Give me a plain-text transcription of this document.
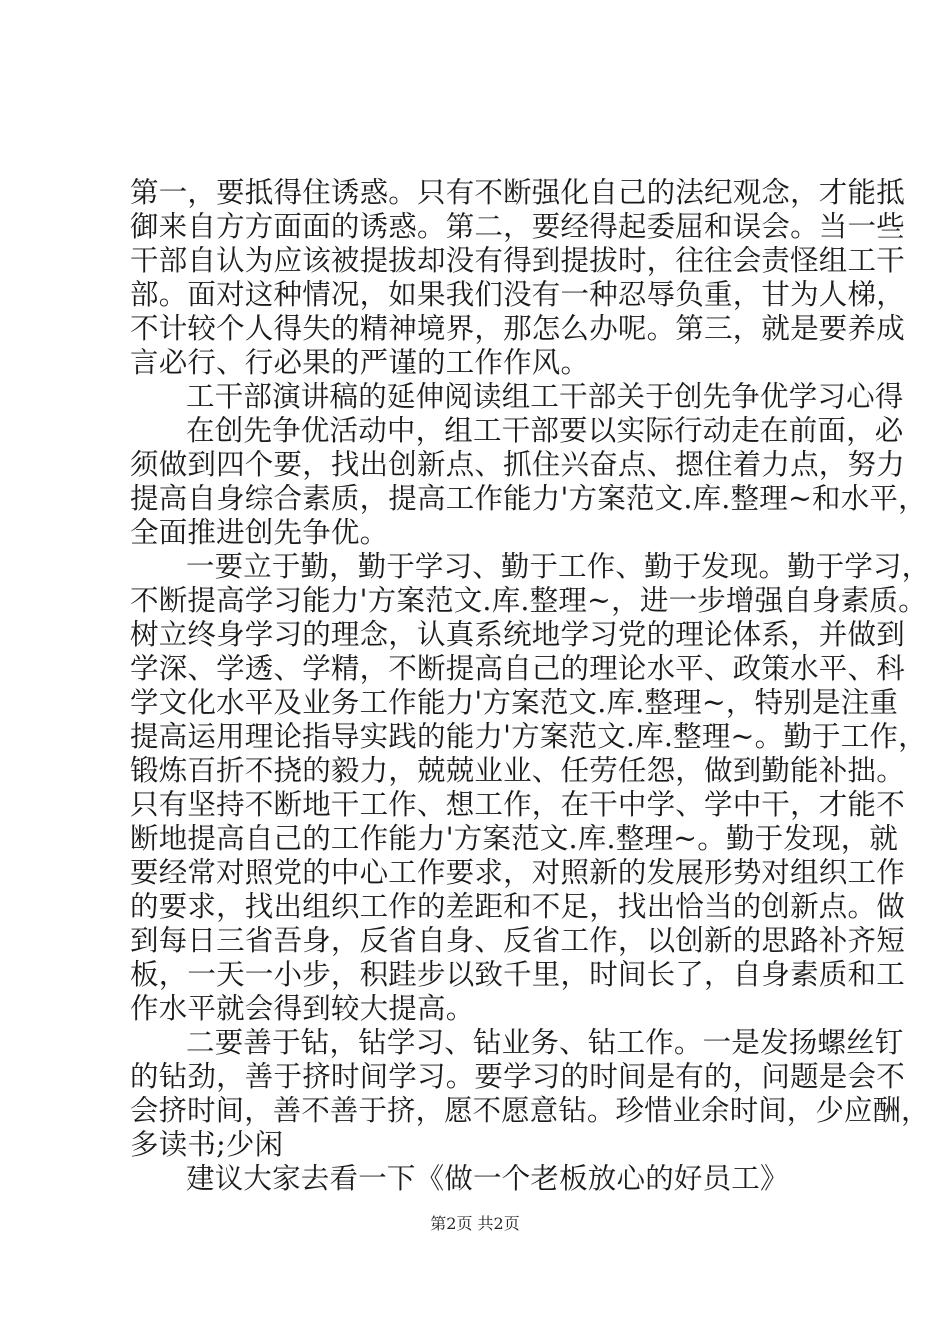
第一，要抵得住诱惑。只有不断强化自己的法纪观念，才能抵
御来自方方面面的诱惑。第二，要经得起委屈和误会。当一些
干部自认为应该被提拔却没有得到提拔时，往往会责怪组工干
部。面对这种情况，如果我们没有一种忍辱负重，甘为人梯，
不计较个人得失的精神境界，那怎么办呢。第三，就是要养成
言必行、行必果的严谨的工作作风。
工干部演讲稿的延伸阅读组工干部关于创先争优学习心得
在创先争优活动中，组工干部要以实际行动走在前面，必
须做到四个要，找出创新点、抓住兴奋点、摁住着力点，努力
提高自身综合素质，提高工作能力'方案范文.库.整理~和水平，
全面推进创先争优。
一要立于勤，勤于学习、勤于工作、勤于发现。勤于学习，
不断提高学习能力'方案范文.库.整理~，进一步增强自身素质。
树立终身学习的理念，认真系统地学习党的理论体系，并做到
学深、学透、学精，不断提高自己的理论水平、政策水平、科
学文化水平及业务工作能力'方案范文.库.整理~，特别是注重
提高运用理论指导实践的能力'方案范文.库.整理~。勤于工作，
锻炼百折不挠的毅力，兢兢业业、任劳任怨，做到勤能补拙。
只有坚持不断地干工作、想工作，在干中学、学中干，才能不
断地提高自己的工作能力'方案范文.库.整理~。勤于发现，就
要经常对照党的中心工作要求，对照新的发展形势对组织工作
的要求，找出组织工作的差距和不足，找出恰当的创新点。做
到每日三省吾身，反省自身、反省工作，以创新的思路补齐短
板，一天一小步，积跬步以致千里，时间长了，自身素质和工
作水平就会得到较大提高。
二要善于钻，钻学习、钻业务、钻工作。一是发扬螺丝钉
的钻劲，善于挤时间学习。要学习的时间是有的，问题是会不
会挤时间，善不善于挤，愿不愿意钻。珍惜业余时间，少应酬，
多读书;少闲
建议大家去看一下《做一个老板放心的好员工》
第2页 共2页
